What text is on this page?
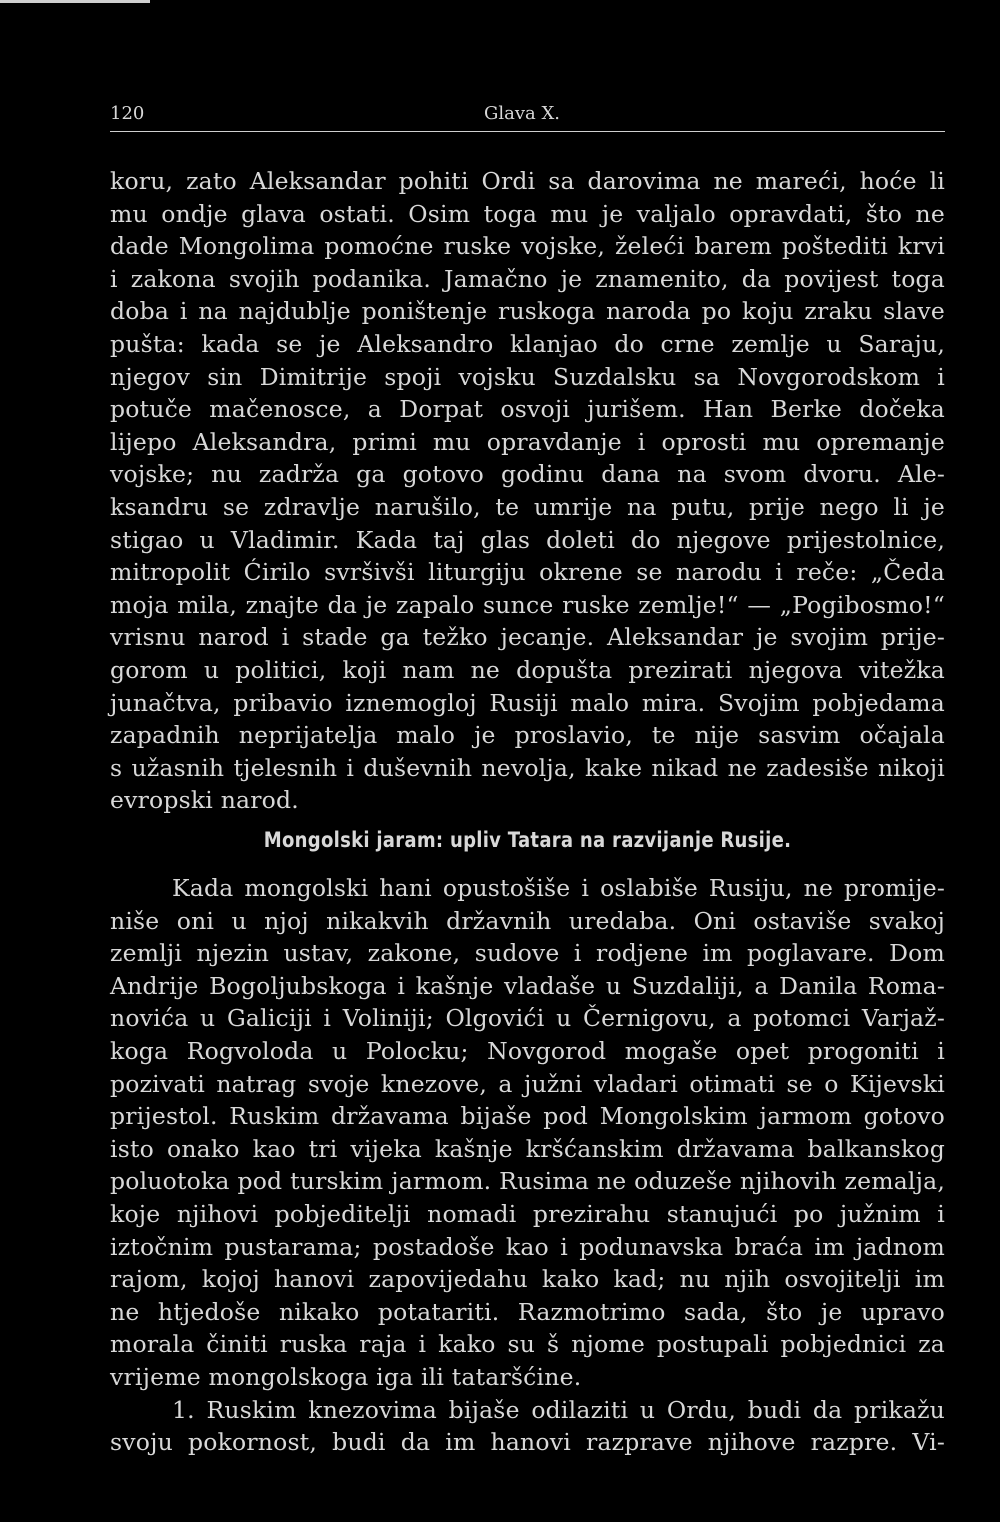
120	Glava X.
koru, zato Aleksandar pohiti Ordi sa darovima ne mareći, hoće li
mu ondje glava ostati. Osim toga mu je valjalo opravdati, što ne
dade Mongolima pomoćne ruske vojske, želeći barem poštediti krvi
i zakona svojih podanika. Jamačno je znamenito, da povijest toga
doba i na najdublje poništenje ruskoga naroda po koju zraku slave
pušta: kada se je Aleksandro klanjao do crne zemlje u Saraju,
njegov sin Dimitrije spoji vojsku Suzdalsku sa Novgorodskom i
potuče mačenosce, a Dorpat osvoji jurišem. Han Berke dočeka
lijepo Aleksandra, primi mu opravdanje i oprosti mu opremanje
vojske; nu zadrža ga gotovo godinu dana na svom dvoru. Ale-
ksandru se zdravlje narušilo, te umrije na putu, prije nego li je
stigao u Vladimir. Kada taj glas doleti do njegove prijestolnice,
mitropolit Ćirilo svršivši liturgiju okrene se narodu i reče: „Čeda
moja mila, znajte da je zapalo sunce ruske zemlje!“ — „Pogibosmo!“
vrisnu narod i stade ga težko jecanje. Aleksandar je svojim prije-
gorom u politici, koji nam ne dopušta prezirati njegova vitežka
junačtva, pribavio iznemogloj Rusiji malo mira. Svojim pobjedama
zapadnih neprijatelja malo je proslavio, te nije sasvim očajala
s užasnih tjelesnih i duševnih nevolja, kake nikad ne zadesiše nikoji
evropski narod.
Mongolski jaram: upliv Tatara na razvijanje Rusije.
Kada mongolski hani opustošiše i oslabiše Rusiju, ne promije-
niše oni u njoj nikakvih državnih uredaba. Oni ostaviše svakoj
zemlji njezin ustav, zakone, sudove i rodjene im poglavare. Dom
Andrije Bogoljubskoga i kašnje vladaše u Suzdaliji, a Danila Roma-
novića u Galiciji i Voliniji; Olgovići u Černigovu, a potomci Varjaž-
koga Rogvoloda u Polocku; Novgorod mogaše opet progoniti i
pozivati natrag svoje knezove, a južni vladari otimati se o Kijevski
prijestol. Ruskim državama bijaše pod Mongolskim jarmom gotovo
isto onako kao tri vijeka kašnje kršćanskim državama balkanskog
poluotoka pod turskim jarmom. Rusima ne oduzeše njihovih zemalja,
koje njihovi pobjeditelji nomadi prezirahu stanujući po južnim i
iztočnim pustarama; postadoše kao i podunavska braća im jadnom
rajom, kojoj hanovi zapovijedahu kako kad; nu njih osvojitelji im
ne htjedoše nikako potatariti. Razmotrimo sada, što je upravo
morala činiti ruska raja i kako su š njome postupali pobjednici za
vrijeme mongolskoga iga ili tataršćine.
1. Ruskim knezovima bijaše odilaziti u Ordu, budi da prikažu
svoju pokornost, budi da im hanovi razprave njihove razpre. Vi-
